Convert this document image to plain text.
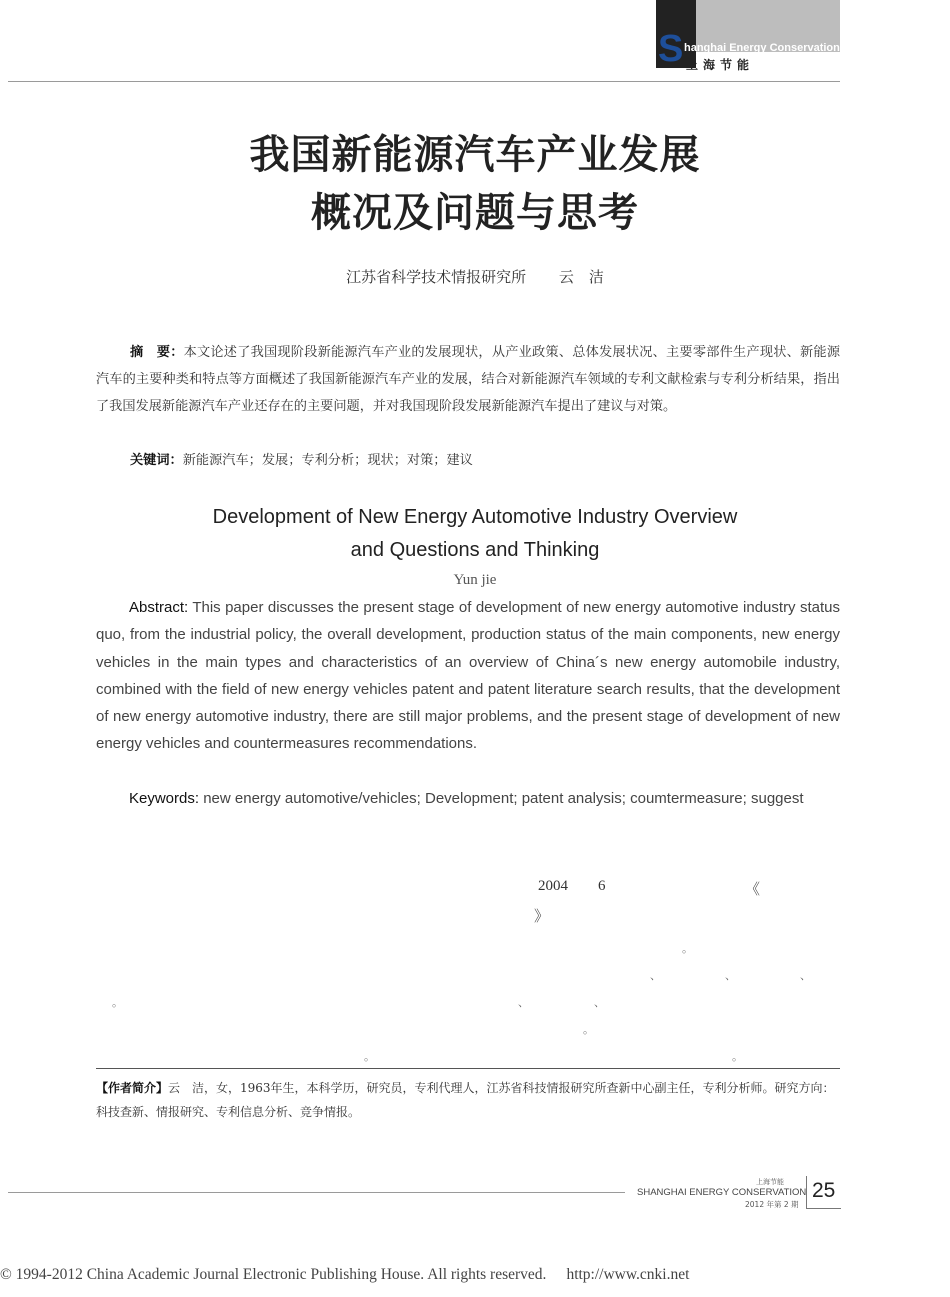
S hanghai Energy Conservation
上海节能
我国新能源汽车产业发展
概况及问题与思考
江苏省科学技术情报研究所 云　洁
摘　要：本文论述了我国现阶段新能源汽车产业的发展现状，从产业政策、总体发展状况、主要零部件生产现状、新能源汽车的主要种类和特点等方面概述了我国新能源汽车产业的发展，结合对新能源汽车领域的专利文献检索与专利分析结果，指出了我国发展新能源汽车产业还存在的主要问题，并对我国现阶段发展新能源汽车提出了建议与对策。
关键词：新能源汽车；发展；专利分析；现状；对策；建议
Development of New Energy Automotive Industry Overview
and Questions and Thinking
Yun jie
Abstract: This paper discusses the present stage of development of new energy automotive industry status quo, from the industrial policy, the overall development, production status of the main components, new energy vehicles in the main types and characteristics of an overview of China´s new energy automobile industry, combined with the field of new energy vehicles patent and patent literature search results, that the development of new energy automotive industry, there are still major problems, and the present stage of development of new energy vehicles and countermeasures recommendations.
Keywords: new energy automotive/vehicles; Development; patent analysis; coumtermeasure; suggest
2004 6	《
》
。
、	、	、
。	、	、
。
。	。
【作者简介】云　洁，女，1963年生，本科学历，研究员，专利代理人，江苏省科技情报研究所查新中心副主任，专利分析师。研究方向：科技查新、情报研究、专利信息分析、竞争情报。
上海节能
SHANGHAI ENERGY CONSERVATION
2012 年第 2 期
25
© 1994-2012 China Academic Journal Electronic Publishing House. All rights reserved. http://www.cnki.net
